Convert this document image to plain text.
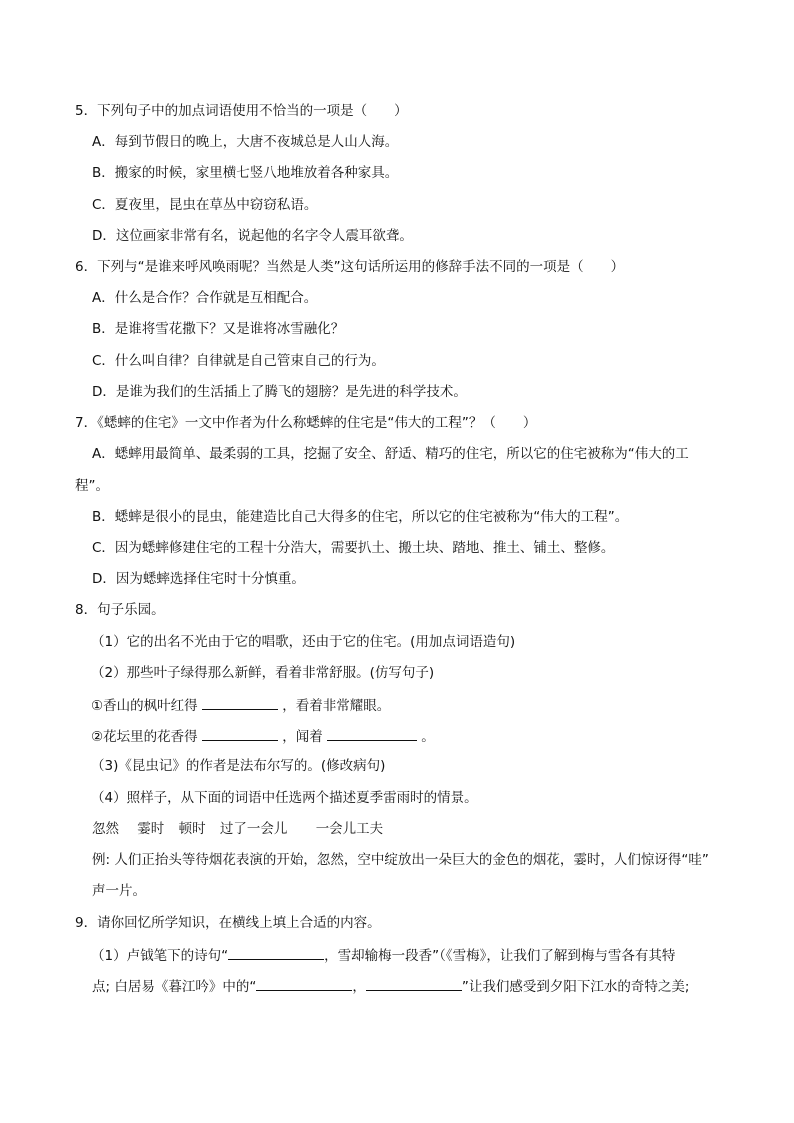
5．下列句子中的加点词语使用不恰当的一项是（　　）
A．每到节假日的晚上，大唐不夜城总是人山人海。
B．搬家的时候，家里横七竖八地堆放着各种家具。
C．夏夜里，昆虫在草丛中窃窃私语。
D．这位画家非常有名，说起他的名字令人震耳欲聋。
6．下列与“是谁来呼风唤雨呢？当然是人类”这句话所运用的修辞手法不同的一项是（　　）
A．什么是合作？合作就是互相配合。
B．是谁将雪花撒下？又是谁将冰雪融化？
C．什么叫自律？自律就是自己管束自己的行为。
D．是谁为我们的生活插上了腾飞的翅膀？是先进的科学技术。
7．《蟋蟀的住宅》一文中作者为什么称蟋蟀的住宅是“伟大的工程”？（　　）
A．蟋蟀用最简单、最柔弱的工具，挖掘了安全、舒适、精巧的住宅，所以它的住宅被称为“伟大的工
程”。
B．蟋蟀是很小的昆虫，能建造比自己大得多的住宅，所以它的住宅被称为“伟大的工程”。
C．因为蟋蟀修建住宅的工程十分浩大，需要扒土、搬土块、踏地、推土、铺土、整修。
D．因为蟋蟀选择住宅时十分慎重。
8．句子乐园。
（1）它的出名不光由于它的唱歌，还由于它的住宅。(用加点词语造句)
（2）那些叶子绿得那么新鲜，看着非常舒服。(仿写句子)
①香山的枫叶红得	，看着非常耀眼。
②花坛里的花香得	，闻着	。
（3)《昆虫记》的作者是法布尔写的。(修改病句)
（4）照样子，从下面的词语中任选两个描述夏季雷雨时的情景。
忽然 霎时 顿时 过了一会儿 一会儿工夫
例: 人们正抬头等待烟花表演的开始，忽然，空中绽放出一朵巨大的金色的烟花，霎时，人们惊讶得“哇”
声一片。
9．请你回忆所学知识，在横线上填上合适的内容。
（1）卢钺笔下的诗句“	，雪却输梅一段香”（《雪梅》，让我们了解到梅与雪各有其特
点; 白居易《暮江吟》中的“	，	”让我们感受到夕阳下江水的奇特之美;
